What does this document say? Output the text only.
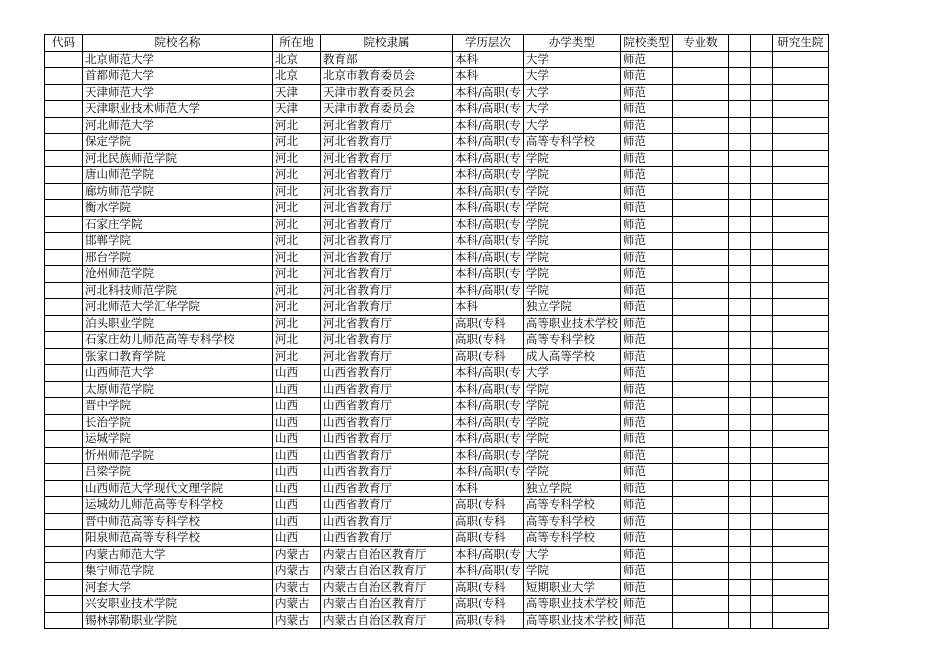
代码	院校名称	所在地	院校隶属	学历层次	办学类型	院校类型	专业数			研究生院
	北京师范大学	北京	教育部	本科	大学	师范				
	首都师范大学	北京	北京市教育委员会	本科	大学	师范				
	天津师范大学	天津	天津市教育委员会	本科/高职(专	大学	师范				
	天津职业技术师范大学	天津	天津市教育委员会	本科/高职(专	大学	师范				
	河北师范大学	河北	河北省教育厅	本科/高职(专	大学	师范				
	保定学院	河北	河北省教育厅	本科/高职(专	高等专科学校	师范				
	河北民族师范学院	河北	河北省教育厅	本科/高职(专	学院	师范				
	唐山师范学院	河北	河北省教育厅	本科/高职(专	学院	师范				
	廊坊师范学院	河北	河北省教育厅	本科/高职(专	学院	师范				
	衡水学院	河北	河北省教育厅	本科/高职(专	学院	师范				
	石家庄学院	河北	河北省教育厅	本科/高职(专	学院	师范				
	邯郸学院	河北	河北省教育厅	本科/高职(专	学院	师范				
	邢台学院	河北	河北省教育厅	本科/高职(专	学院	师范				
	沧州师范学院	河北	河北省教育厅	本科/高职(专	学院	师范				
	河北科技师范学院	河北	河北省教育厅	本科/高职(专	学院	师范				
	河北师范大学汇华学院	河北	河北省教育厅	本科	独立学院	师范				
	泊头职业学院	河北	河北省教育厅	高职(专科	高等职业技术学校	师范				
	石家庄幼儿师范高等专科学校	河北	河北省教育厅	高职(专科	高等专科学校	师范				
	张家口教育学院	河北	河北省教育厅	高职(专科	成人高等学校	师范				
	山西师范大学	山西	山西省教育厅	本科/高职(专	大学	师范				
	太原师范学院	山西	山西省教育厅	本科/高职(专	学院	师范				
	晋中学院	山西	山西省教育厅	本科/高职(专	学院	师范				
	长治学院	山西	山西省教育厅	本科/高职(专	学院	师范				
	运城学院	山西	山西省教育厅	本科/高职(专	学院	师范				
	忻州师范学院	山西	山西省教育厅	本科/高职(专	学院	师范				
	吕梁学院	山西	山西省教育厅	本科/高职(专	学院	师范				
	山西师范大学现代文理学院	山西	山西省教育厅	本科	独立学院	师范				
	运城幼儿师范高等专科学校	山西	山西省教育厅	高职(专科	高等专科学校	师范				
	晋中师范高等专科学校	山西	山西省教育厅	高职(专科	高等专科学校	师范				
	阳泉师范高等专科学校	山西	山西省教育厅	高职(专科	高等专科学校	师范				
	内蒙古师范大学	内蒙古	内蒙古自治区教育厅	本科/高职(专	大学	师范				
	集宁师范学院	内蒙古	内蒙古自治区教育厅	本科/高职(专	学院	师范				
	河套大学	内蒙古	内蒙古自治区教育厅	高职(专科	短期职业大学	师范				
	兴安职业技术学院	内蒙古	内蒙古自治区教育厅	高职(专科	高等职业技术学校	师范				
	锡林郭勒职业学院	内蒙古	内蒙古自治区教育厅	高职(专科	高等职业技术学校	师范				
